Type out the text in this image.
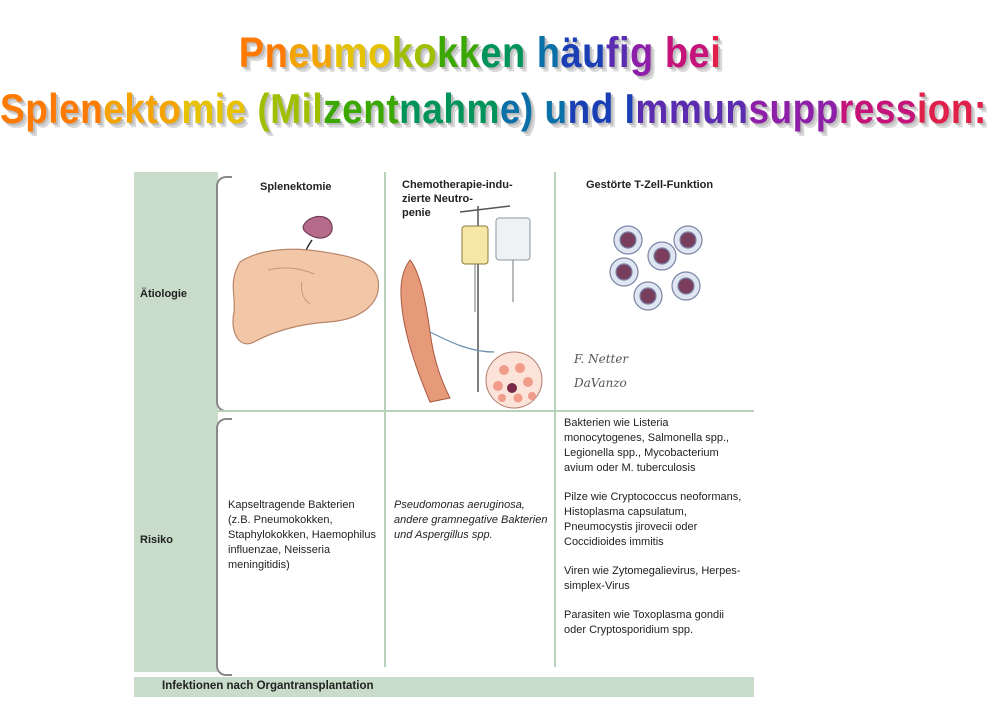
Pneumokokken häufig bei
Splenektomie (Milzentnahme) und Immunsuppression:
Ätiologie
Risiko
Splenektomie	Chemotherapie-indu-
zierte Neutro-
penie
Gestörte T-Zell-Funktion
F. Netter
DaVanzo
Kapseltragende Bakterien (z.B. Pneumokokken, Staphylokokken, Haemophilus influenzae, Neisseria meningitidis)
Pseudomonas aeruginosa, andere gramnegative Bakterien und Aspergillus spp.

Bakterien wie Listeria monocytogenes, Salmonella spp., Legionella spp., Mycobacterium avium oder M. tuberculosis

Pilze wie Cryptococcus neoformans, Histoplasma capsulatum, Pneumocystis jirovecii oder Coccidioides immitis

Viren wie Zytomegalievirus, Herpes-simplex-Virus

Parasiten wie Toxoplasma gondii oder Cryptosporidium spp.

Infektionen nach Organtransplantation
